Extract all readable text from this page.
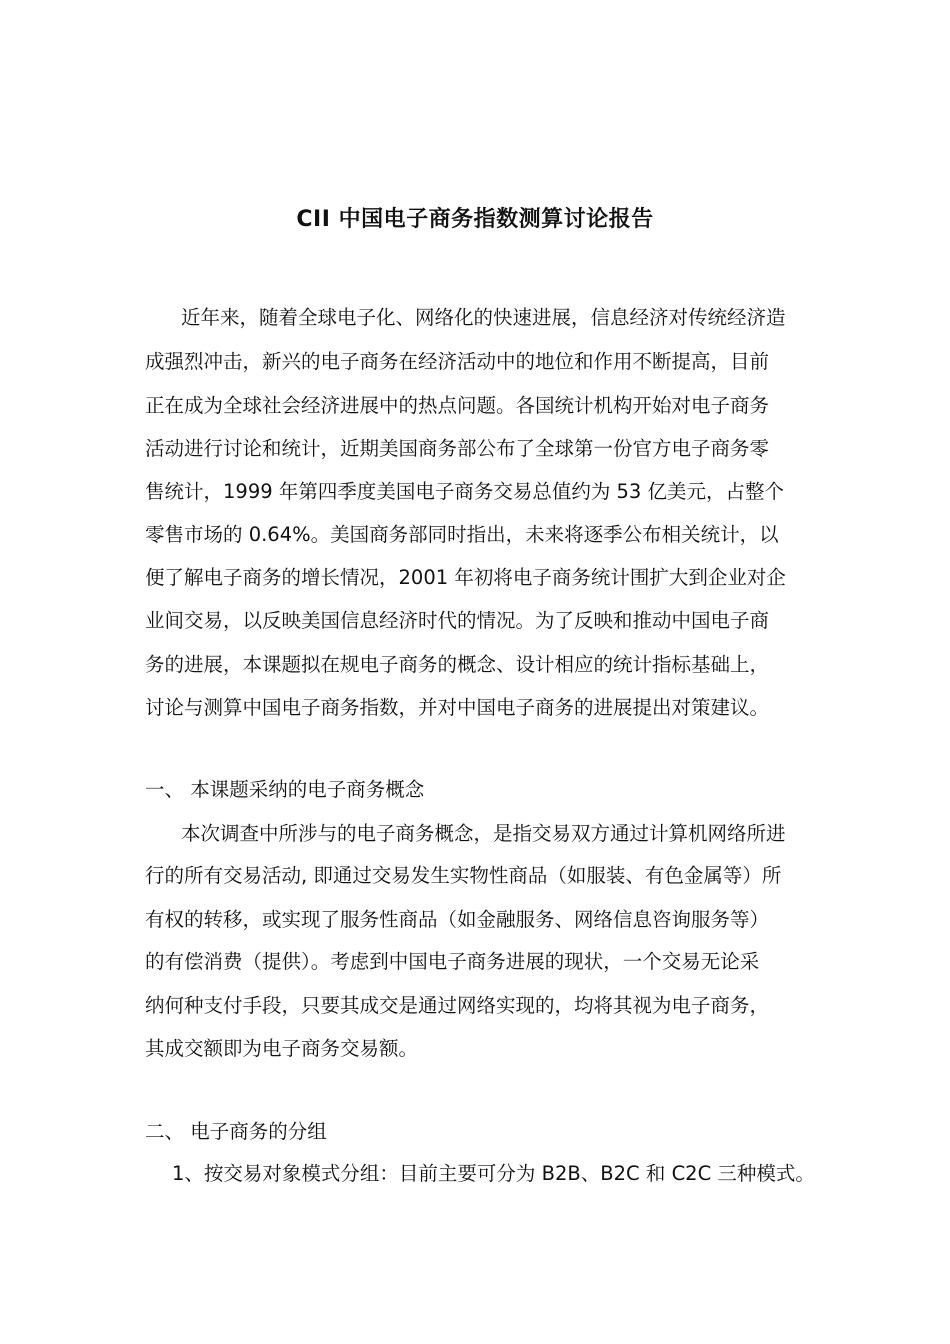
CII 中国电子商务指数测算讨论报告
近年来，随着全球电子化、网络化的快速进展，信息经济对传统经济造
成强烈冲击，新兴的电子商务在经济活动中的地位和作用不断提高，目前
正在成为全球社会经济进展中的热点问题。各国统计机构开始对电子商务
活动进行讨论和统计，近期美国商务部公布了全球第一份官方电子商务零
售统计，1999 年第四季度美国电子商务交易总值约为 53 亿美元，占整个
零售市场的 0.64%。美国商务部同时指出，未来将逐季公布相关统计，以
便了解电子商务的增长情况，2001 年初将电子商务统计围扩大到企业对企
业间交易，以反映美国信息经济时代的情况。为了反映和推动中国电子商
务的进展，本课题拟在规电子商务的概念、设计相应的统计指标基础上，
讨论与测算中国电子商务指数，并对中国电子商务的进展提出对策建议。
一、 本课题采纳的电子商务概念
本次调查中所涉与的电子商务概念，是指交易双方通过计算机网络所进
行的所有交易活动, 即通过交易发生实物性商品（如服装、有色金属等）所
有权的转移，或实现了服务性商品（如金融服务、网络信息咨询服务等）
的有偿消费（提供）。考虑到中国电子商务进展的现状，一个交易无论采
纳何种支付手段，只要其成交是通过网络实现的，均将其视为电子商务，
其成交额即为电子商务交易额。
二、 电子商务的分组
1、按交易对象模式分组：目前主要可分为 B2B、B2C 和 C2C 三种模式。
